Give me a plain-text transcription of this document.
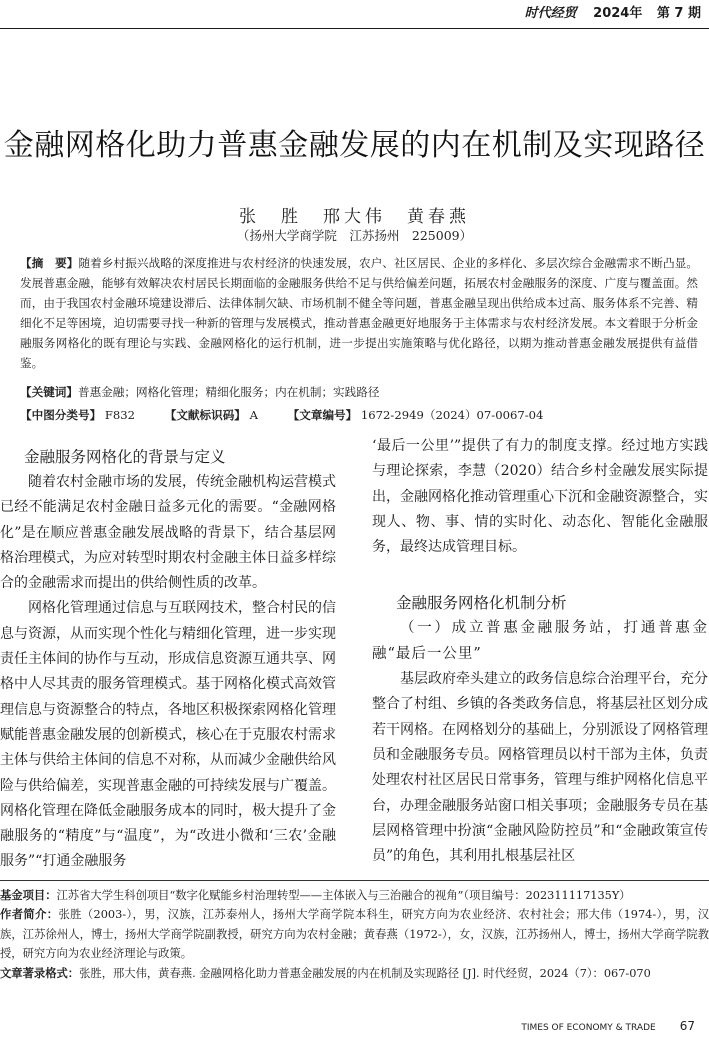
时代经贸 2024年 第 7 期
金融网格化助力普惠金融发展的内在机制及实现路径
张　胜　邢大伟　黄春燕
（扬州大学商学院　江苏扬州　225009）
【摘　要】随着乡村振兴战略的深度推进与农村经济的快速发展，农户、社区居民、企业的多样化、多层次综合金融需求不断凸显。发展普惠金融，能够有效解决农村居民长期面临的金融服务供给不足与供给偏差问题，拓展农村金融服务的深度、广度与覆盖面。然而，由于我国农村金融环境建设滞后、法律体制欠缺、市场机制不健全等问题，普惠金融呈现出供给成本过高、服务体系不完善、精细化不足等困境，迫切需要寻找一种新的管理与发展模式，推动普惠金融更好地服务于主体需求与农村经济发展。本文着眼于分析金融服务网格化的既有理论与实践、金融网格化的运行机制，进一步提出实施策略与优化路径，以期为推动普惠金融发展提供有益借鉴。
【关键词】普惠金融；网格化管理；精细化服务；内在机制；实践路径
【中图分类号】 F832	【文献标识码】 A	【文章编号】 1672-2949（2024）07-0067-04
金融服务网格化的背景与定义

随着农村金融市场的发展，传统金融机构运营模式已经不能满足农村金融日益多元化的需要。“金融网格化”是在顺应普惠金融发展战略的背景下，结合基层网格治理模式，为应对转型时期农村金融主体日益多样综合的金融需求而提出的供给侧性质的改革。

网格化管理通过信息与互联网技术，整合村民的信息与资源，从而实现个性化与精细化管理，进一步实现责任主体间的协作与互动，形成信息资源互通共享、网格中人尽其责的服务管理模式。基于网格化模式高效管理信息与资源整合的特点，各地区积极探索网格化管理赋能普惠金融发展的创新模式，核心在于克服农村需求主体与供给主体间的信息不对称，从而减少金融供给风险与供给偏差，实现普惠金融的可持续发展与广覆盖。网格化管理在降低金融服务成本的同时，极大提升了金融服务的“精度”与“温度”，为“改进小微和‘三农’金融服务”“打通金融服务

‘最后一公里’”提供了有力的制度支撑。经过地方实践与理论探索，李慧（2020）结合乡村金融发展实际提出，金融网格化推动管理重心下沉和金融资源整合，实现人、物、事、情的实时化、动态化、智能化金融服务，最终达成管理目标。

金融服务网格化机制分析
（一）成立普惠金融服务站，打通普惠金融“最后一公里”

基层政府牵头建立的政务信息综合治理平台，充分整合了村组、乡镇的各类政务信息，将基层社区划分成若干网格。在网格划分的基础上，分别派设了网格管理员和金融服务专员。网格管理员以村干部为主体，负责处理农村社区居民日常事务，管理与维护网格化信息平台，办理金融服务站窗口相关事项；金融服务专员在基层网格管理中扮演“金融风险防控员”和“金融政策宣传员”的角色，其利用扎根基层社区

基金项目：江苏省大学生科创项目“数字化赋能乡村治理转型——主体嵌入与三治融合的视角”（项目编号：202311117135Y）

作者简介：张胜（2003-），男，汉族，江苏泰州人，扬州大学商学院本科生，研究方向为农业经济、农村社会；邢大伟（1974-），男，汉族，江苏徐州人，博士，扬州大学商学院副教授，研究方向为农村金融；黄春燕（1972-），女，汉族，江苏扬州人，博士，扬州大学商学院教授，研究方向为农业经济理论与政策。

文章著录格式：张胜，邢大伟，黄春燕. 金融网格化助力普惠金融发展的内在机制及实现路径 [J]. 时代经贸，2024（7）：067-070

TIMES OF ECONOMY & TRADE 67
